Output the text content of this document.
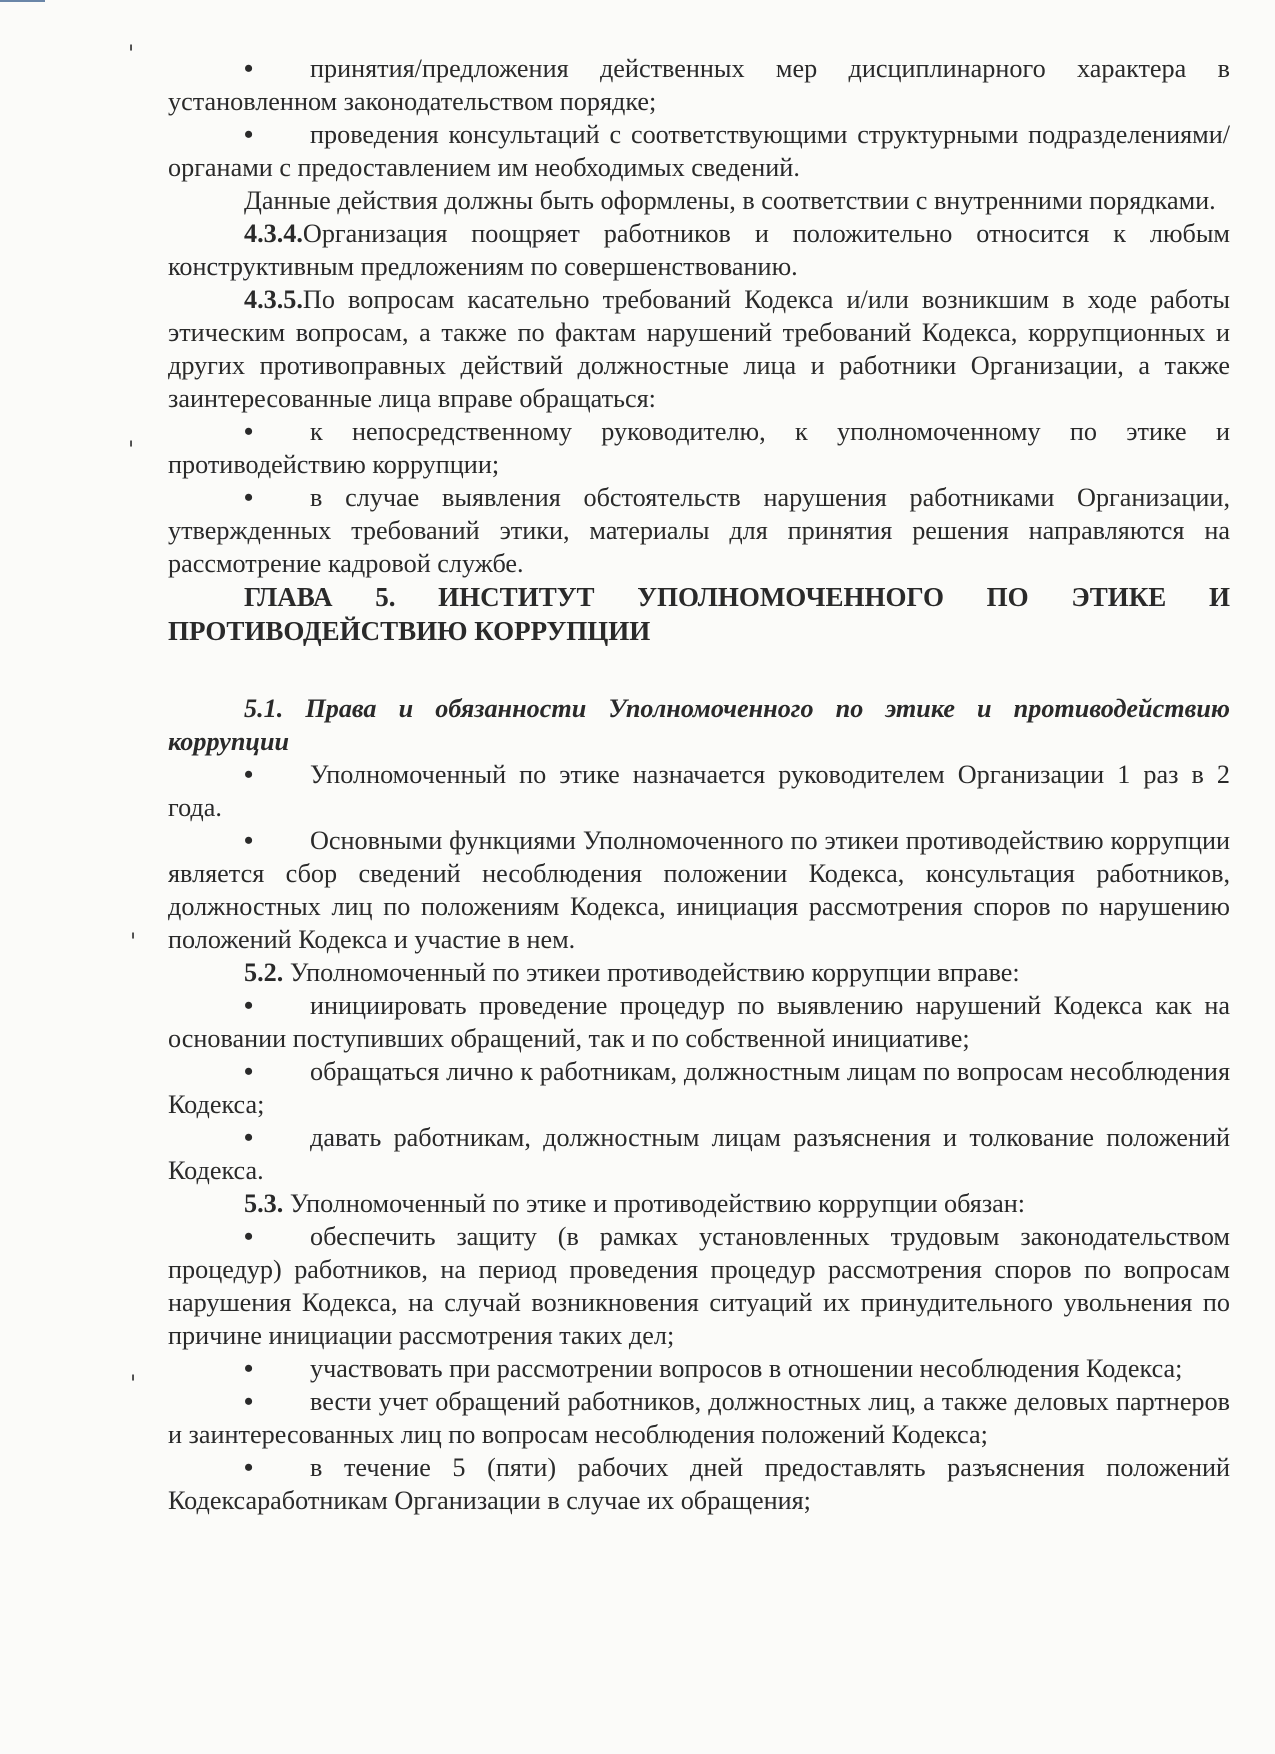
'
'
'
'

• принятия/предложения действенных мер дисциплинарного характера в установленном законодательством порядке;

• проведения консультаций с соответствующими структурными подразделениями/органами с предоставлением им необходимых сведений.

Данные действия должны быть оформлены, в соответствии с внутренними порядками.

4.3.4.Организация поощряет работников и положительно относится к любым конструктивным предложениям по совершенствованию.

4.3.5.По вопросам касательно требований Кодекса и/или возникшим в ходе работы этическим вопросам, а также по фактам нарушений требований Кодекса, коррупционных и других противоправных действий должностные лица и работники Организации, а также заинтересованные лица вправе обращаться:

• к непосредственному руководителю, к уполномоченному по этике и противодействию коррупции;

• в случае выявления обстоятельств нарушения работниками Организации, утвержденных требований этики, материалы для принятия решения направляются на рассмотрение кадровой службе.

ГЛАВА 5. ИНСТИТУТ УПОЛНОМОЧЕННОГО ПО ЭТИКЕ И ПРОТИВОДЕЙСТВИЮ КОРРУПЦИИ

5.1. Права и обязанности Уполномоченного по этике и противодействию коррупции

• Уполномоченный по этике назначается руководителем Организации 1 раз в 2 года.

• Основными функциями Уполномоченного по этикеи противодействию коррупции является сбор сведений несоблюдения положении Кодекса, консультация работников, должностных лиц по положениям Кодекса, инициация рассмотрения споров по нарушению положений Кодекса и участие в нем.

5.2. Уполномоченный по этикеи противодействию коррупции вправе:

• инициировать проведение процедур по выявлению нарушений Кодекса как на основании поступивших обращений, так и по собственной инициативе;

• обращаться лично к работникам, должностным лицам по вопросам несоблюдения Кодекса;

• давать работникам, должностным лицам разъяснения и толкование положений Кодекса.

5.3. Уполномоченный по этике и противодействию коррупции обязан:

• обеспечить защиту (в рамках установленных трудовым законодательством процедур) работников, на период проведения процедур рассмотрения споров по вопросам нарушения Кодекса, на случай возникновения ситуаций их принудительного увольнения по причине инициации рассмотрения таких дел;

• участвовать при рассмотрении вопросов в отношении несоблюдения Кодекса;

• вести учет обращений работников, должностных лиц, а также деловых партнеров и заинтересованных лиц по вопросам несоблюдения положений Кодекса;

• в течение 5 (пяти) рабочих дней предоставлять разъяснения положений Кодексаработникам Организации в случае их обращения;
